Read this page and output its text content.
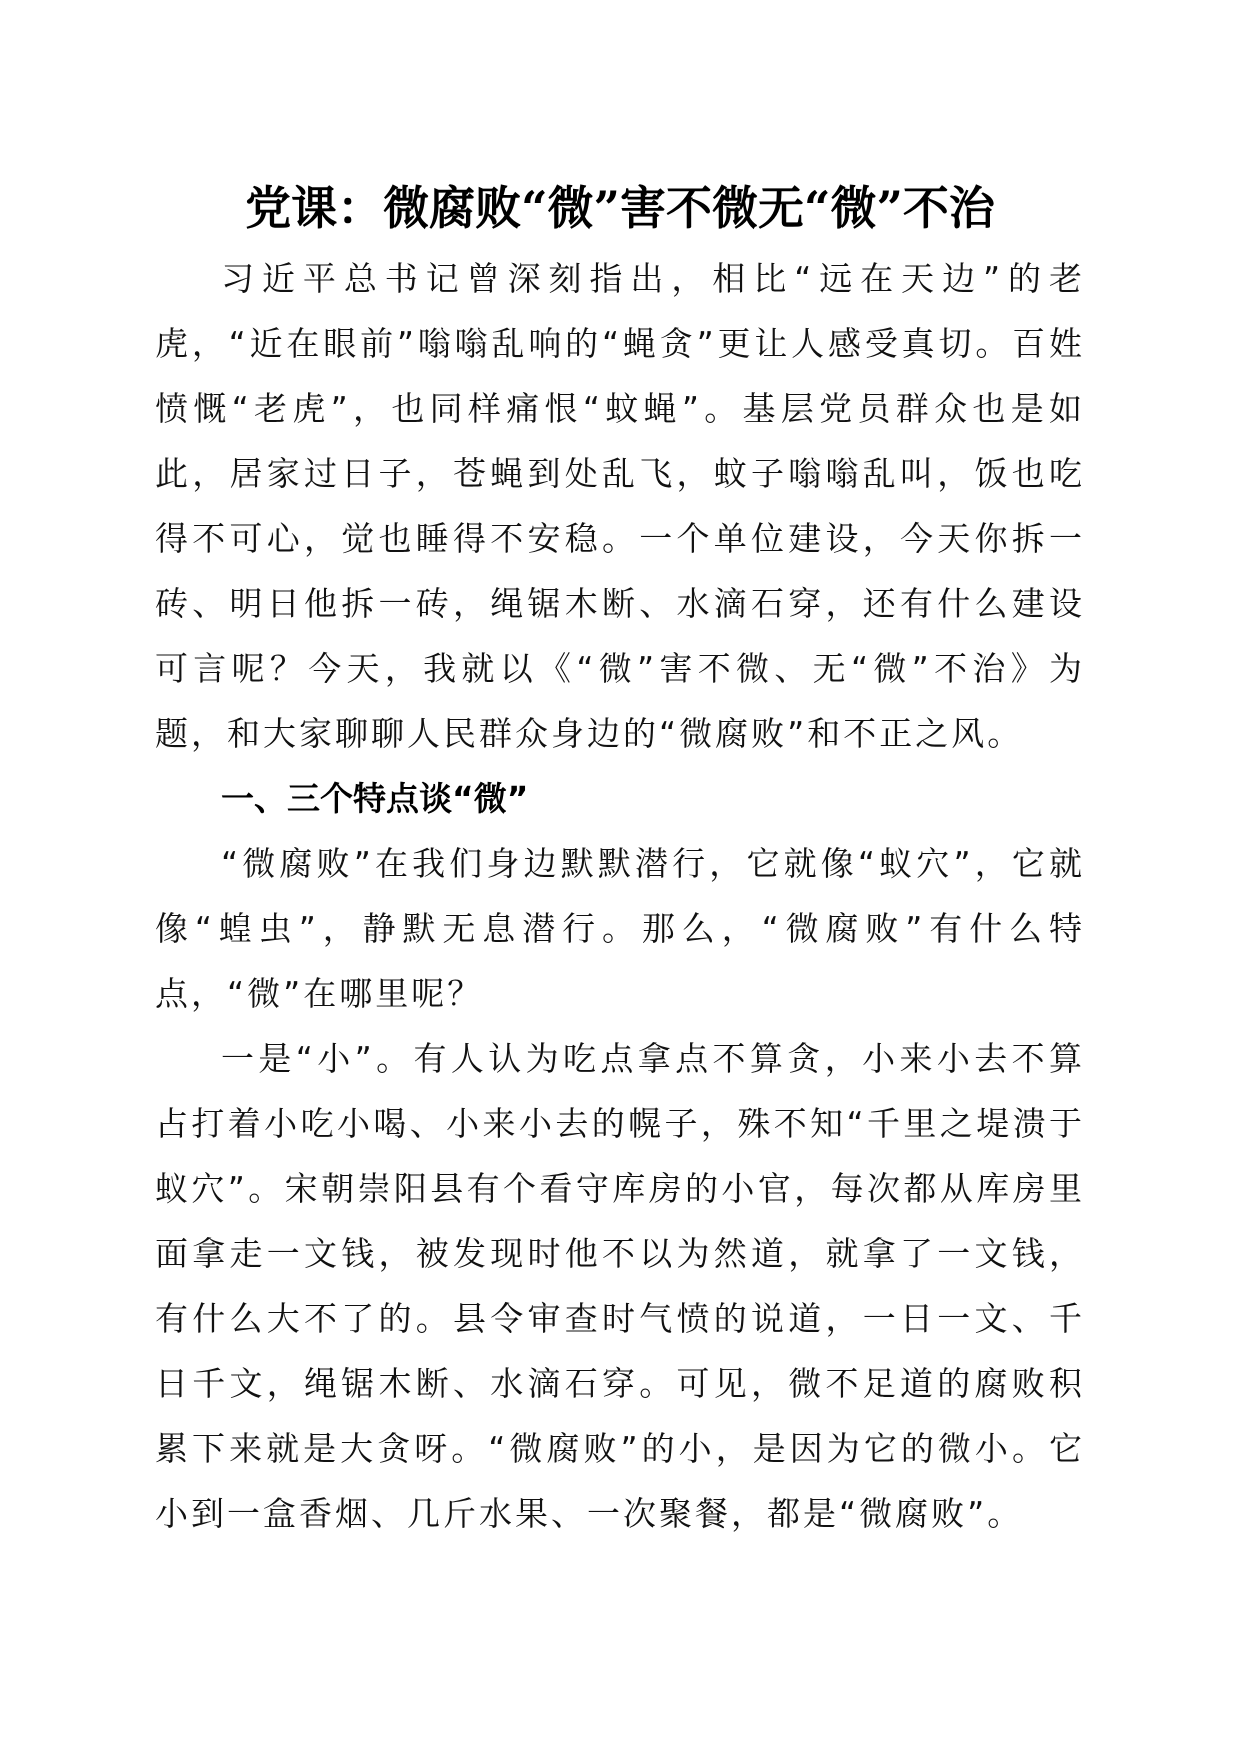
党课：微腐败“微”害不微无“微”不治

习近平总书记曾深刻指出，相比“远在天边”的老虎，“近在眼前”嗡嗡乱响的“蝇贪”更让人感受真切。百姓愤慨“老虎”，也同样痛恨“蚊蝇”。基层党员群众也是如此，居家过日子，苍蝇到处乱飞，蚊子嗡嗡乱叫，饭也吃得不可心，觉也睡得不安稳。一个单位建设，今天你拆一砖、明日他拆一砖，绳锯木断、水滴石穿，还有什么建设可言呢？今天，我就以《“微”害不微、无“微”不治》为题，和大家聊聊人民群众身边的“微腐败”和不正之风。

一、三个特点谈“微”

“微腐败”在我们身边默默潜行，它就像“蚁穴”，它就像“蝗虫”，静默无息潜行。那么，“微腐败”有什么特点，“微”在哪里呢？

一是“小”。有人认为吃点拿点不算贪，小来小去不算占打着小吃小喝、小来小去的幌子，殊不知“千里之堤溃于蚁穴”。宋朝崇阳县有个看守库房的小官，每次都从库房里面拿走一文钱，被发现时他不以为然道，就拿了一文钱，有什么大不了的。县令审查时气愤的说道，一日一文、千日千文，绳锯木断、水滴石穿。可见，微不足道的腐败积累下来就是大贪呀。“微腐败”的小，是因为它的微小。它小到一盒香烟、几斤水果、一次聚餐，都是“微腐败”。
